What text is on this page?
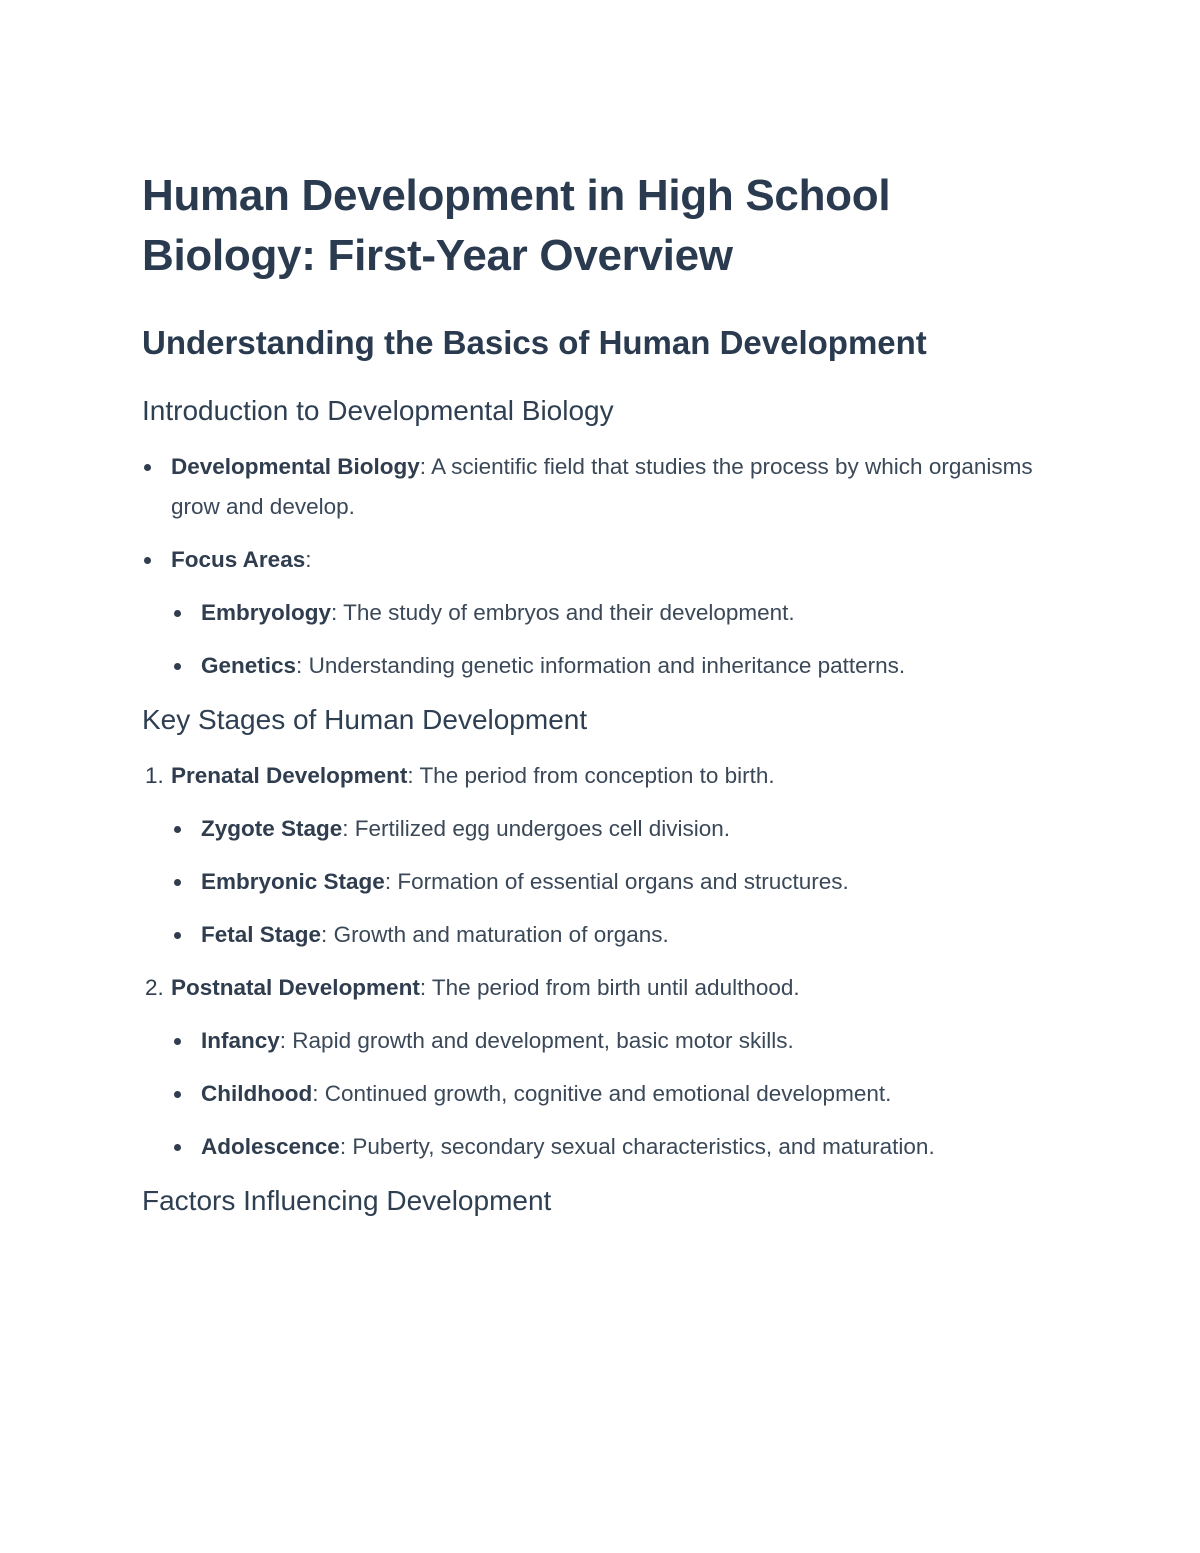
Human Development in High School Biology: First-Year Overview
Understanding the Basics of Human Development
Introduction to Developmental Biology
Developmental Biology: A scientific field that studies the process by which organisms grow and develop.
Focus Areas:
Embryology: The study of embryos and their development.
Genetics: Understanding genetic information and inheritance patterns.
Key Stages of Human Development
1. Prenatal Development: The period from conception to birth.
Zygote Stage: Fertilized egg undergoes cell division.
Embryonic Stage: Formation of essential organs and structures.
Fetal Stage: Growth and maturation of organs.
2. Postnatal Development: The period from birth until adulthood.
Infancy: Rapid growth and development, basic motor skills.
Childhood: Continued growth, cognitive and emotional development.
Adolescence: Puberty, secondary sexual characteristics, and maturation.
Factors Influencing Development
